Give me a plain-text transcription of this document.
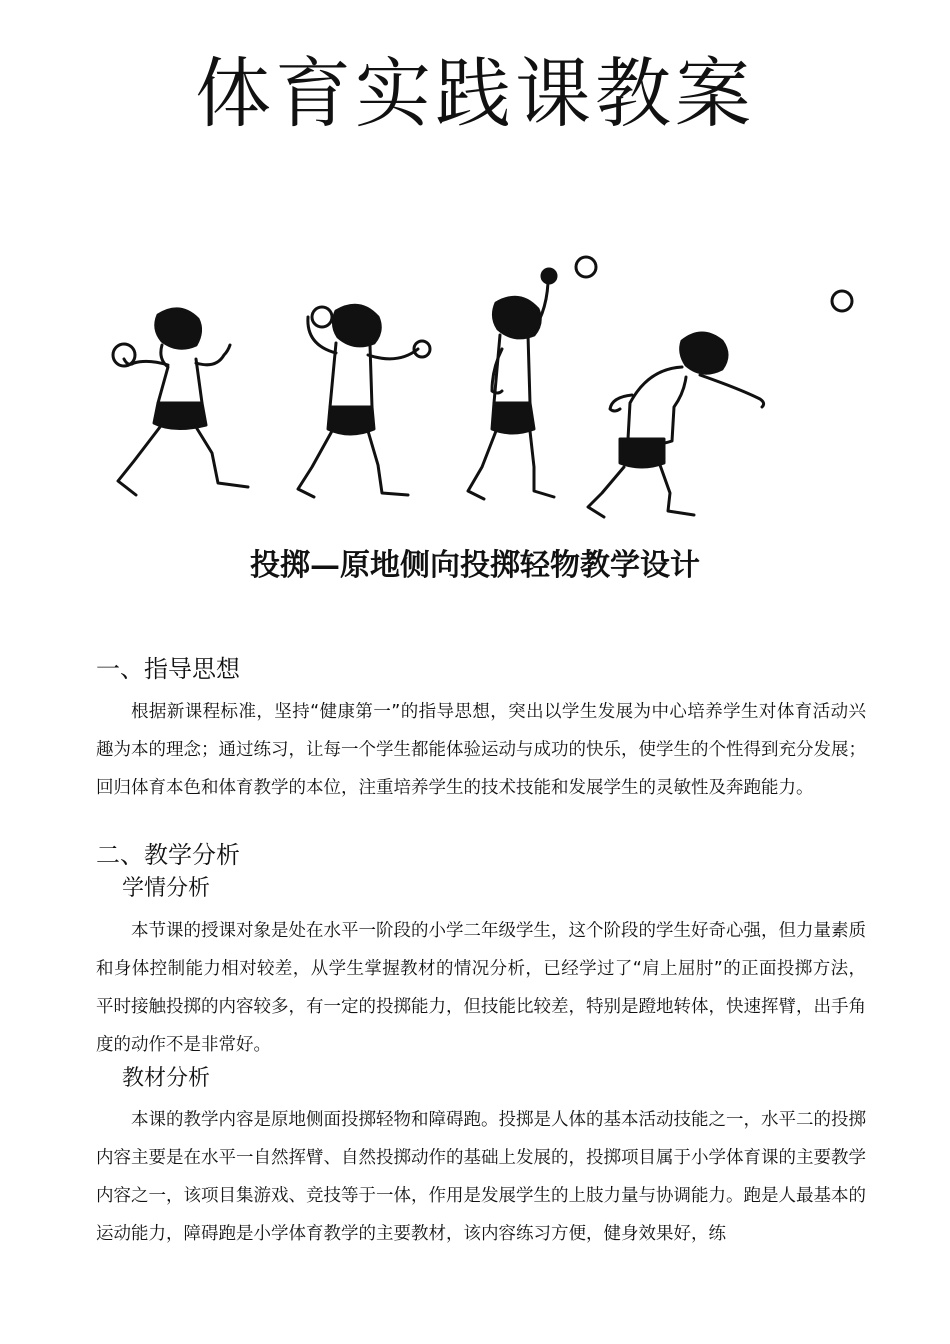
体育实践课教案
投掷—原地侧向投掷轻物教学设计
一、指导思想

根据新课程标准，坚持“健康第一”的指导思想，突出以学生发展为中心培养学生对体育活动兴趣为本的理念；通过练习，让每一个学生都能体验运动与成功的快乐，使学生的个性得到充分发展；回归体育本色和体育教学的本位，注重培养学生的技术技能和发展学生的灵敏性及奔跑能力。

二、教学分析
学情分析

本节课的授课对象是处在水平一阶段的小学二年级学生，这个阶段的学生好奇心强，但力量素质和身体控制能力相对较差，从学生掌握教材的情况分析，已经学过了“肩上屈肘”的正面投掷方法，平时接触投掷的内容较多，有一定的投掷能力，但技能比较差，特别是蹬地转体，快速挥臂，出手角度的动作不是非常好。

教材分析

本课的教学内容是原地侧面投掷轻物和障碍跑。投掷是人体的基本活动技能之一，水平二的投掷内容主要是在水平一自然挥臂、自然投掷动作的基础上发展的，投掷项目属于小学体育课的主要教学内容之一，该项目集游戏、竞技等于一体，作用是发展学生的上肢力量与协调能力。跑是人最基本的运动能力，障碍跑是小学体育教学的主要教材，该内容练习方便，健身效果好，练
